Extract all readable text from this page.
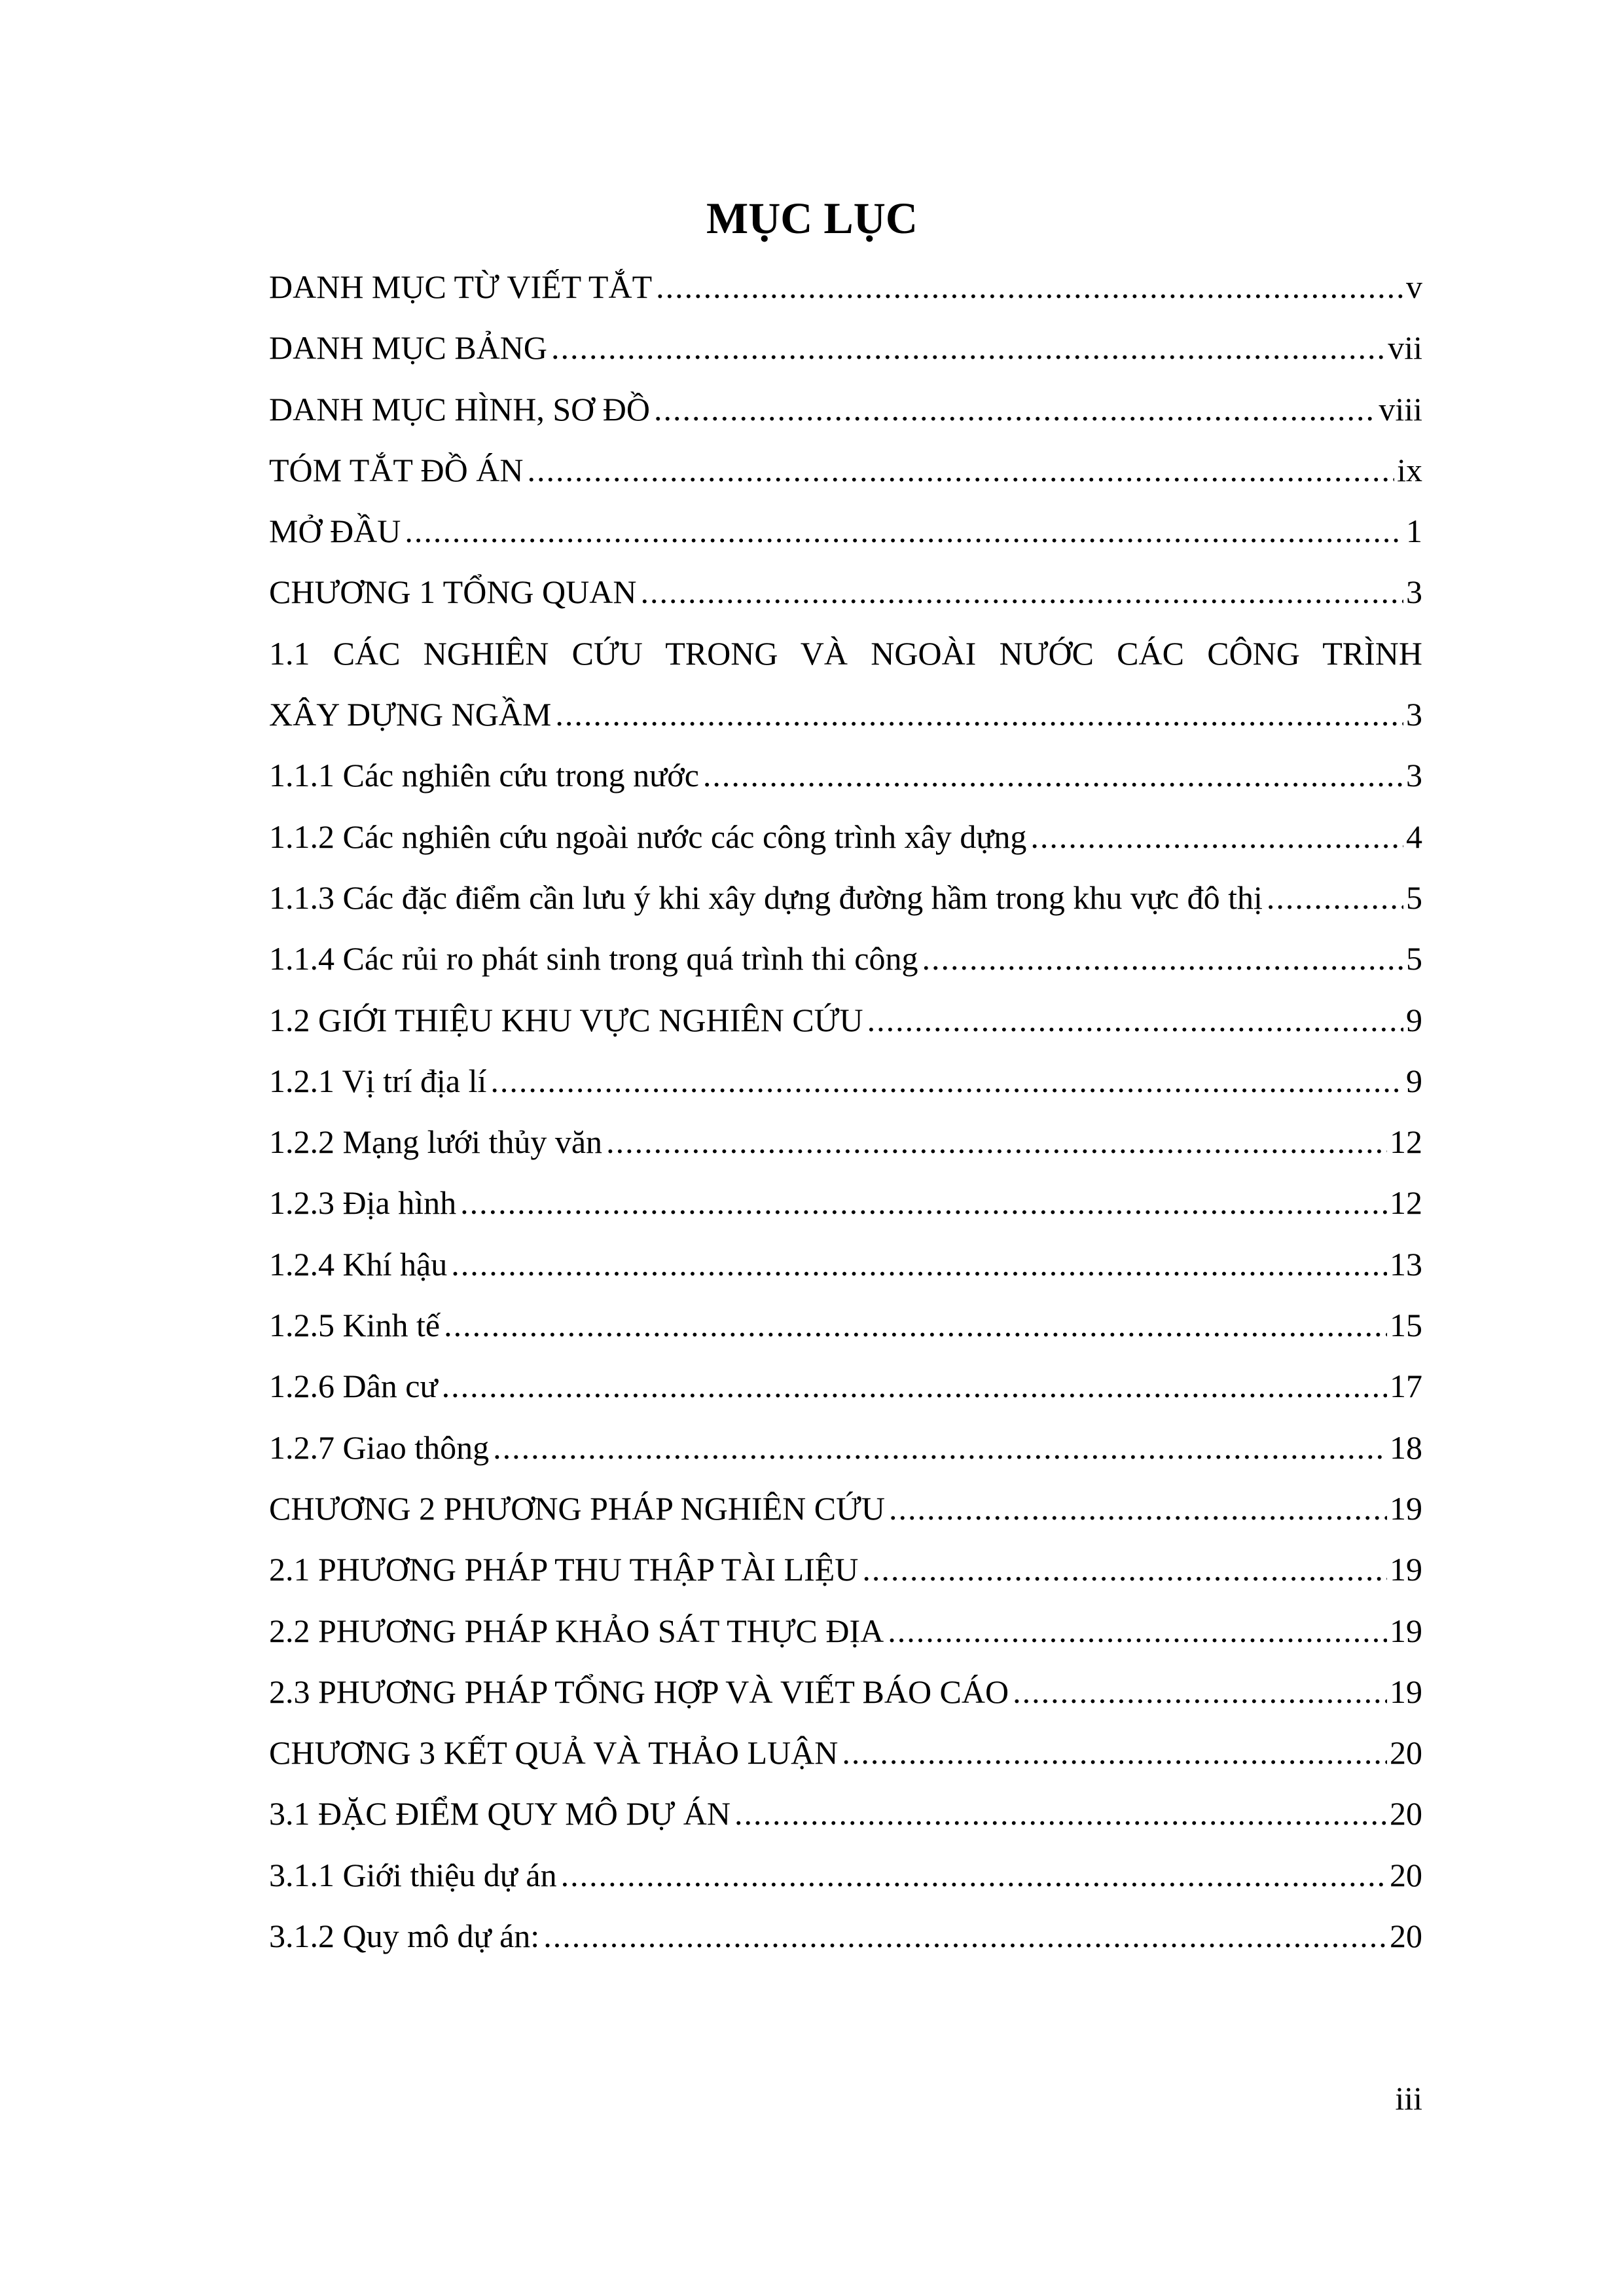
MỤC LỤC
DANH MỤC TỪ VIẾT TẮT .....	v
DANH MỤC BẢNG .....	vii
DANH MỤC HÌNH, SƠ ĐỒ .....	viii
TÓM TẮT ĐỒ ÁN .....	ix
MỞ ĐẦU .....	1
CHƯƠNG 1 TỔNG QUAN .....	3
1.1 CÁC NGHIÊN CỨU TRONG VÀ NGOÀI NƯỚC CÁC CÔNG TRÌNH
XÂY DỰNG NGẦM .....	3
1.1.1 Các nghiên cứu trong nước .....	3
1.1.2 Các nghiên cứu ngoài nước các công trình xây dựng .....	4
1.1.3 Các đặc điểm cần lưu ý khi xây dựng đường hầm trong khu vực đô thị .....	5
1.1.4 Các rủi ro phát sinh trong quá trình thi công .....	5
1.2 GIỚI THIỆU KHU VỰC NGHIÊN CỨU .....	9
1.2.1 Vị trí địa lí .....	9
1.2.2 Mạng lưới thủy văn .....	12
1.2.3 Địa hình .....	12
1.2.4 Khí hậu .....	13
1.2.5 Kinh tế .....	15
1.2.6 Dân cư .....	17
1.2.7 Giao thông .....	18
CHƯƠNG 2 PHƯƠNG PHÁP NGHIÊN CỨU .....	19
2.1 PHƯƠNG PHÁP THU THẬP TÀI LIỆU .....	19
2.2 PHƯƠNG PHÁP KHẢO SÁT THỰC ĐỊA .....	19
2.3 PHƯƠNG PHÁP TỔNG HỢP VÀ VIẾT BÁO CÁO .....	19
CHƯƠNG 3 KẾT QUẢ VÀ THẢO LUẬN .....	20
3.1 ĐẶC ĐIỂM QUY MÔ DỰ ÁN .....	20
3.1.1 Giới thiệu dự án .....	20
3.1.2 Quy mô dự án: .....	20

iii
